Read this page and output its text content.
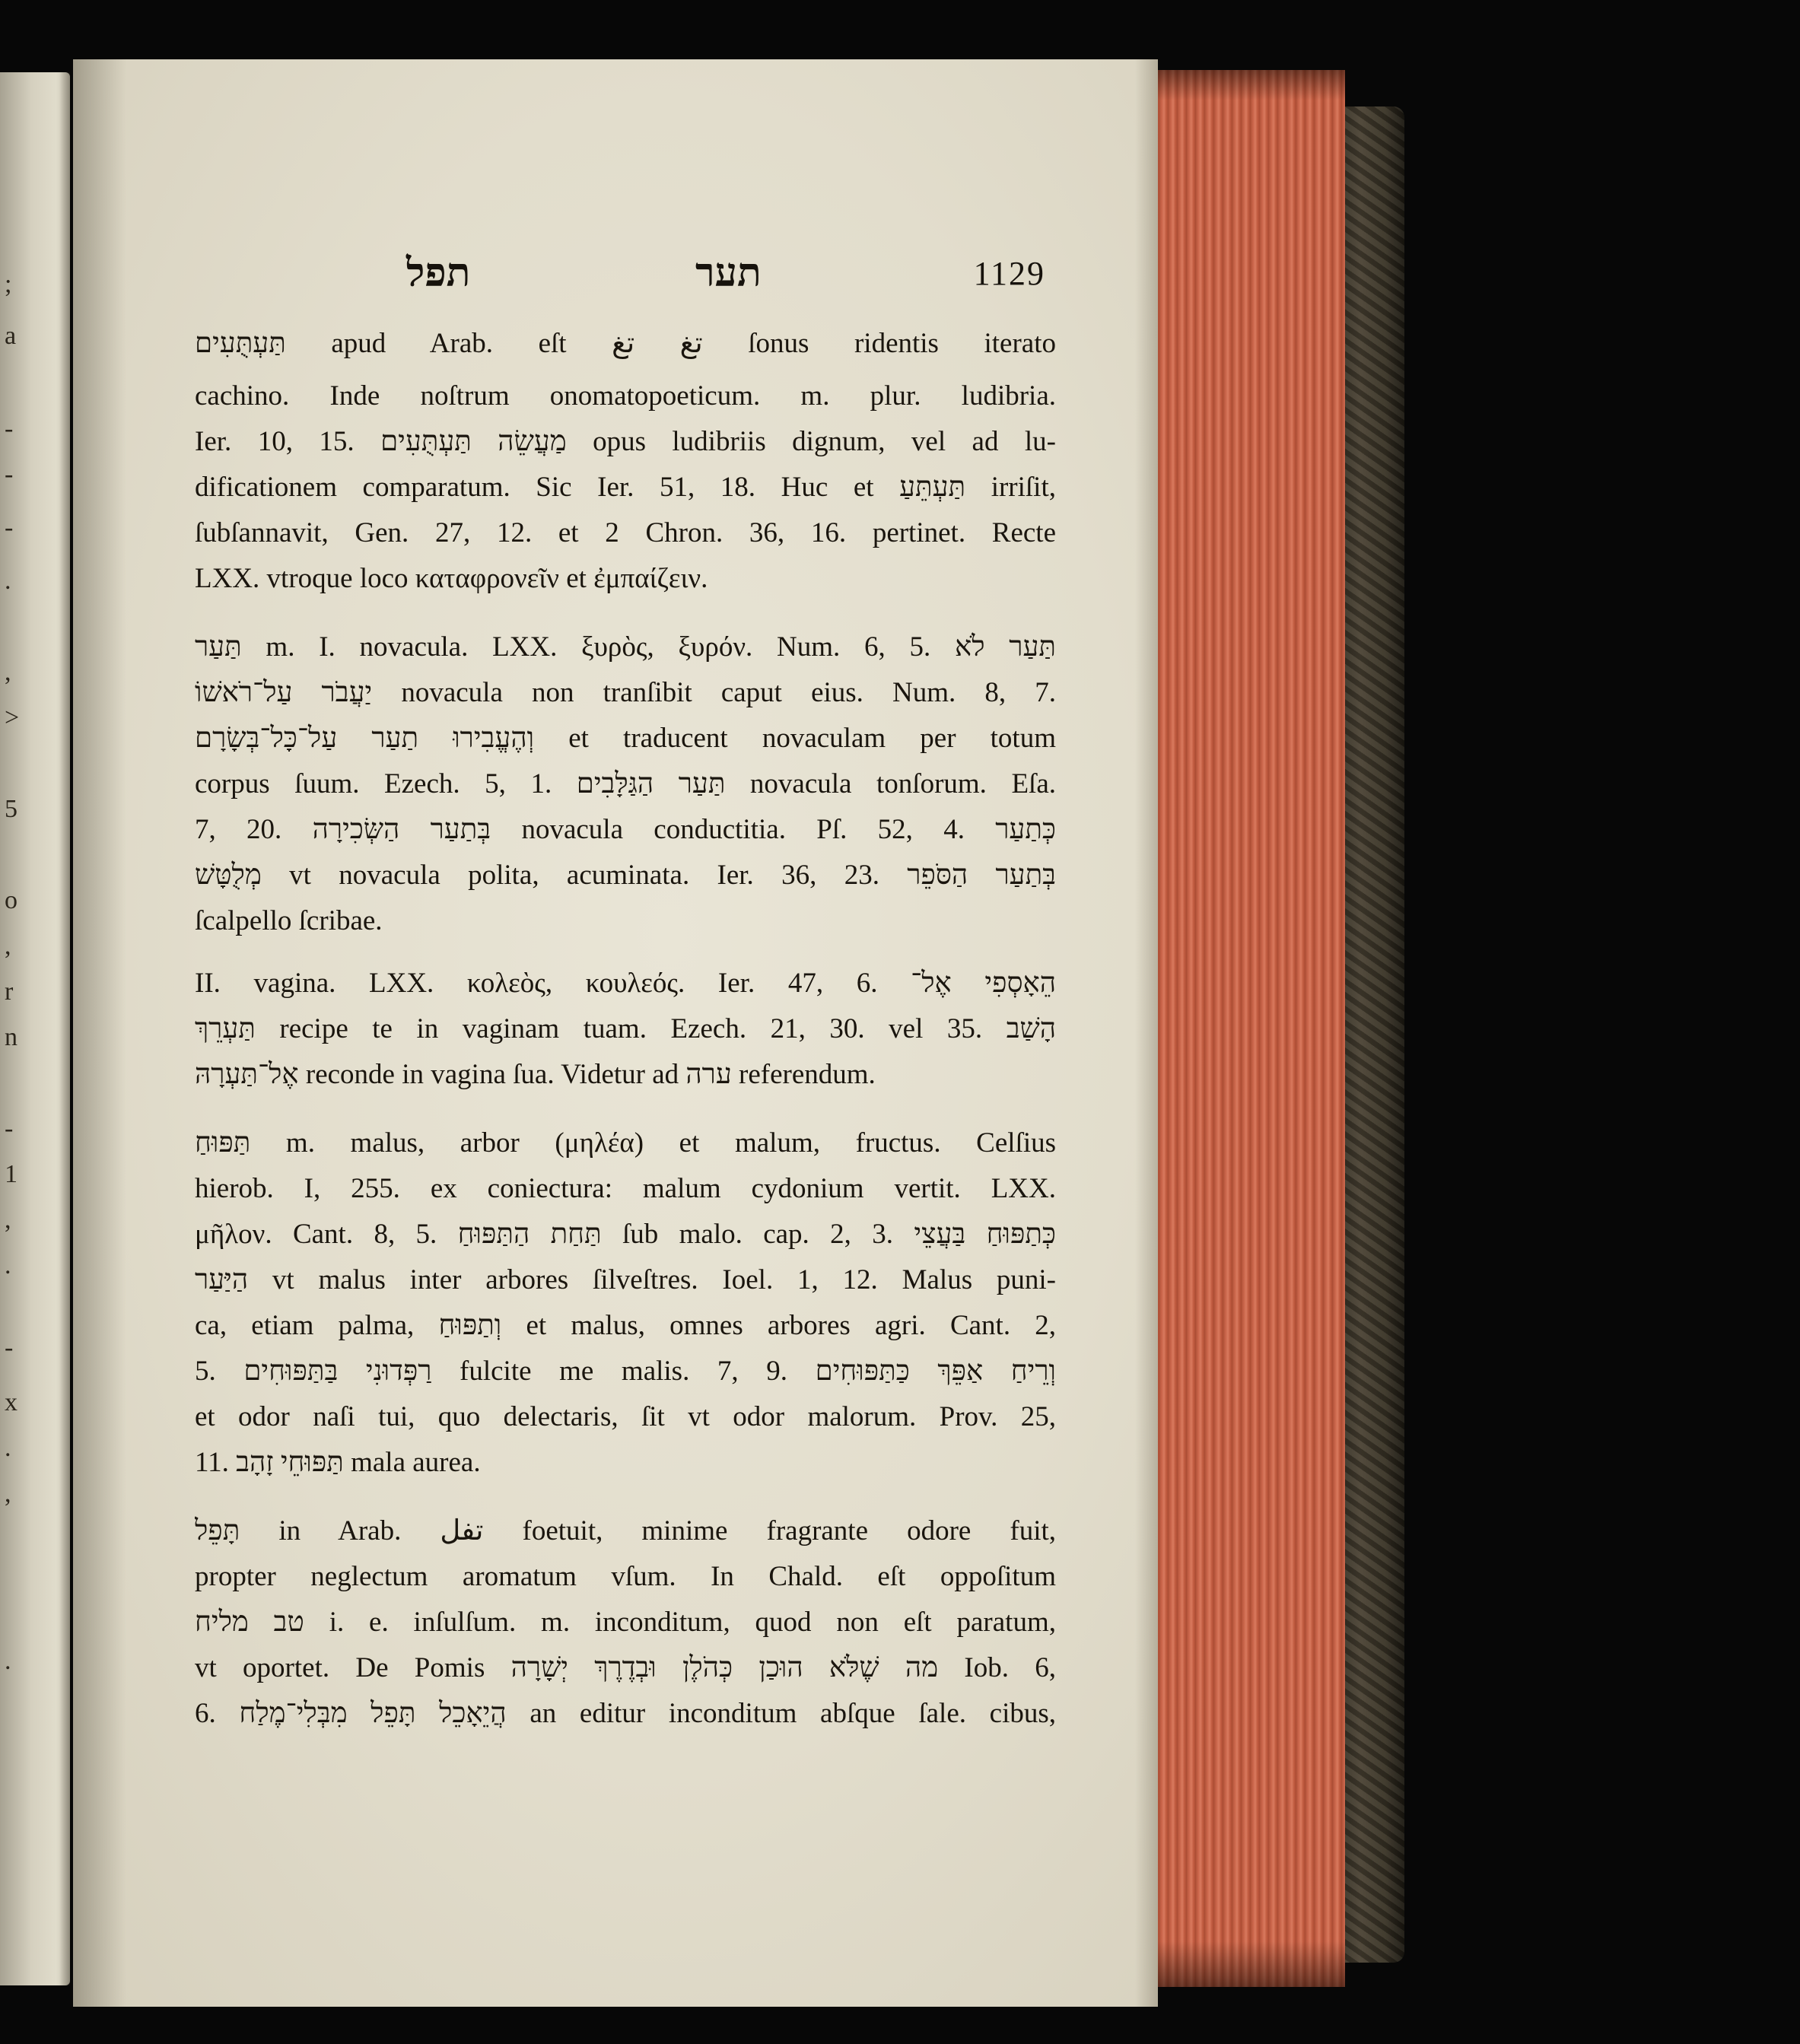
;
a
-
-
-
.
,
>
5
o
,
r
n
-
1
,
.
-
x
.
,
.
תפל	תער	1129
תַּעְתֻּעִים apud Arab. eſt تغ تغ ſonus ridentis iterato
cachino. Inde noſtrum onomatopoeticum. m. plur. ludibria.
Ier. 10, 15. מַעֲשֵׂה תַּעְתֻּעִים opus ludibriis dignum, vel ad lu-
dificationem comparatum. Sic Ier. 51, 18. Huc et תַּעְתֵּעַ irriſit,
ſubſannavit, Gen. 27, 12. et 2 Chron. 36, 16. pertinet. Recte
LXX. vtroque loco καταφρονεῖν et ἐμπαίζειν.
תַּעַר m. I. novacula. LXX. ξυρὸς, ξυρόν. Num. 6, 5. תַּעַר לֹא
יַעֲבֹר עַל־רֹאשׁוֹ novacula non tranſibit caput eius. Num. 8, 7.
וְהֶעֱבִירוּ תַעַר עַל־כָּל־בְּשָׂרָם et traducent novaculam per totum
corpus ſuum. Ezech. 5, 1. תַּעַר הַגַּלָּבִים novacula tonſorum. Eſa.
7, 20. בְּתַעַר הַשְּׂכִירָה novacula conductitia. Pſ. 52, 4. כְּתַעַר
מְלֻטָּשׁ vt novacula polita, acuminata. Ier. 36, 23. בְּתַעַר הַסֹּפֵר
ſcalpello ſcribae.
II. vagina. LXX. κολεὸς, κουλεός. Ier. 47, 6. הֵאָסְפִי אֶל־
תַּעְרֵךְ recipe te in vaginam tuam. Ezech. 21, 30. vel 35. הָשַׁב
אֶל־תַּעְרָהּ reconde in vagina ſua. Videtur ad ערה referendum.
תַּפּוּחַ m. malus, arbor (μηλέα) et malum, fructus. Celſius
hierob. I, 255. ex coniectura: malum cydonium vertit. LXX.
μῆλον. Cant. 8, 5. תַּחַת הַתַּפּוּחַ ſub malo. cap. 2, 3. כְּתַפּוּחַ בַּעֲצֵי
הַיַּעַר vt malus inter arbores ſilveſtres. Ioel. 1, 12. Malus puni-
ca, etiam palma, וְתַפּוּחַ et malus, omnes arbores agri. Cant. 2,
5. רַפְּדוּנִי בַּתַּפּוּחִים fulcite me malis. 7, 9. וְרֵיחַ אַפֵּךְ כַּתַּפּוּחִים
et odor naſi tui, quo delectaris, ſit vt odor malorum. Prov. 25,
11. תַּפּוּחֵי זָהָב mala aurea.
תָּפֵל in Arab. تفل foetuit, minime fragrante odore fuit,
propter neglectum aromatum vſum. In Chald. eſt oppoſitum
טב מליח i. e. inſulſum. m. inconditum, quod non eſt paratum,
vt oportet. De Pomis מה שֶׁלֹּא הוּכַן כְּהֹלֶן וּבְדֶרֶךְ יְשָׁרָה Iob. 6,
6. הֲיֵאָכֵל תָּפֵל מִבְּלִי־מֶלַח an editur inconditum abſque ſale. cibus,
